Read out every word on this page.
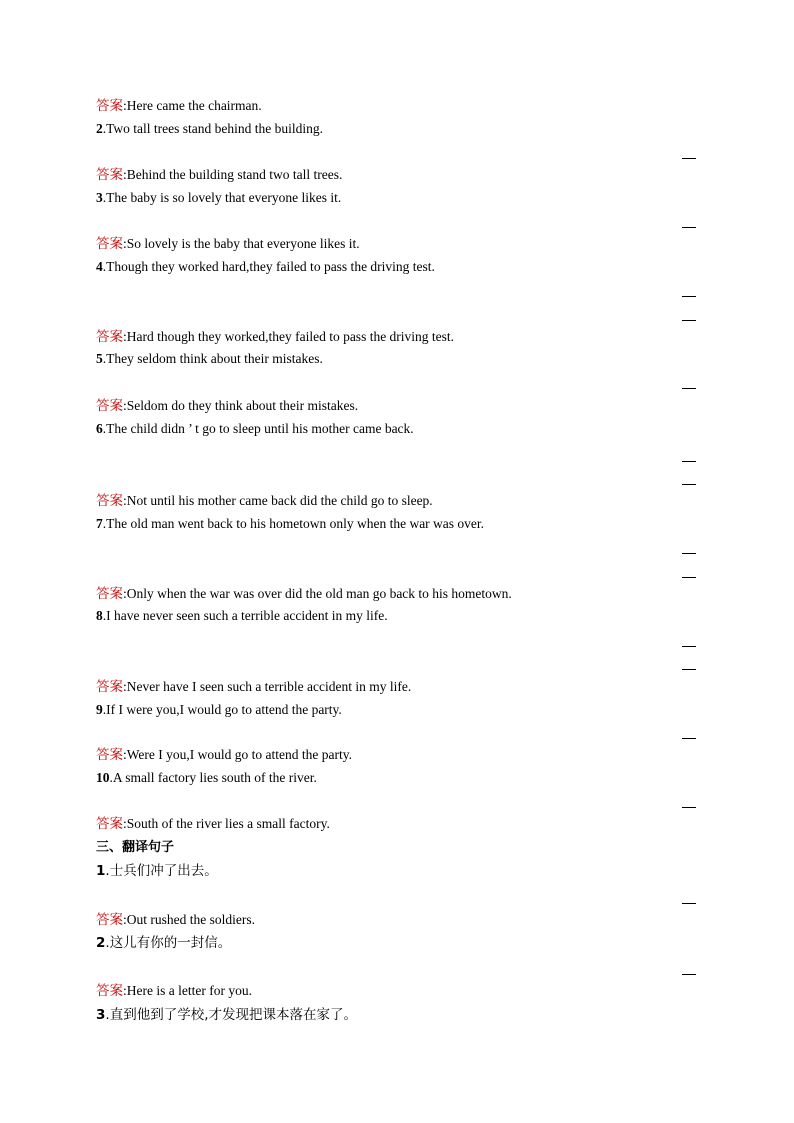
答案:Here came the chairman.
2.Two tall trees stand behind the building.
答案:Behind the building stand two tall trees.
3.The baby is so lovely that everyone likes it.
答案:So lovely is the baby that everyone likes it.
4.Though they worked hard,they failed to pass the driving test.
答案:Hard though they worked,they failed to pass the driving test.
5.They seldom think about their mistakes.
答案:Seldom do they think about their mistakes.
6.The child didn ’ t go to sleep until his mother came back.
答案:Not until his mother came back did the child go to sleep.
7.The old man went back to his hometown only when the war was over.
答案:Only when the war was over did the old man go back to his hometown.
8.I have never seen such a terrible accident in my life.
答案:Never have I seen such a terrible accident in my life.
9.If I were you,I would go to attend the party.
答案:Were I you,I would go to attend the party.
10.A small factory lies south of the river.
答案:South of the river lies a small factory.
三、翻译句子
1.士兵们冲了出去。
答案:Out rushed the soldiers.
2.这儿有你的一封信。
答案:Here is a letter for you.
3.直到他到了学校,才发现把课本落在家了。
